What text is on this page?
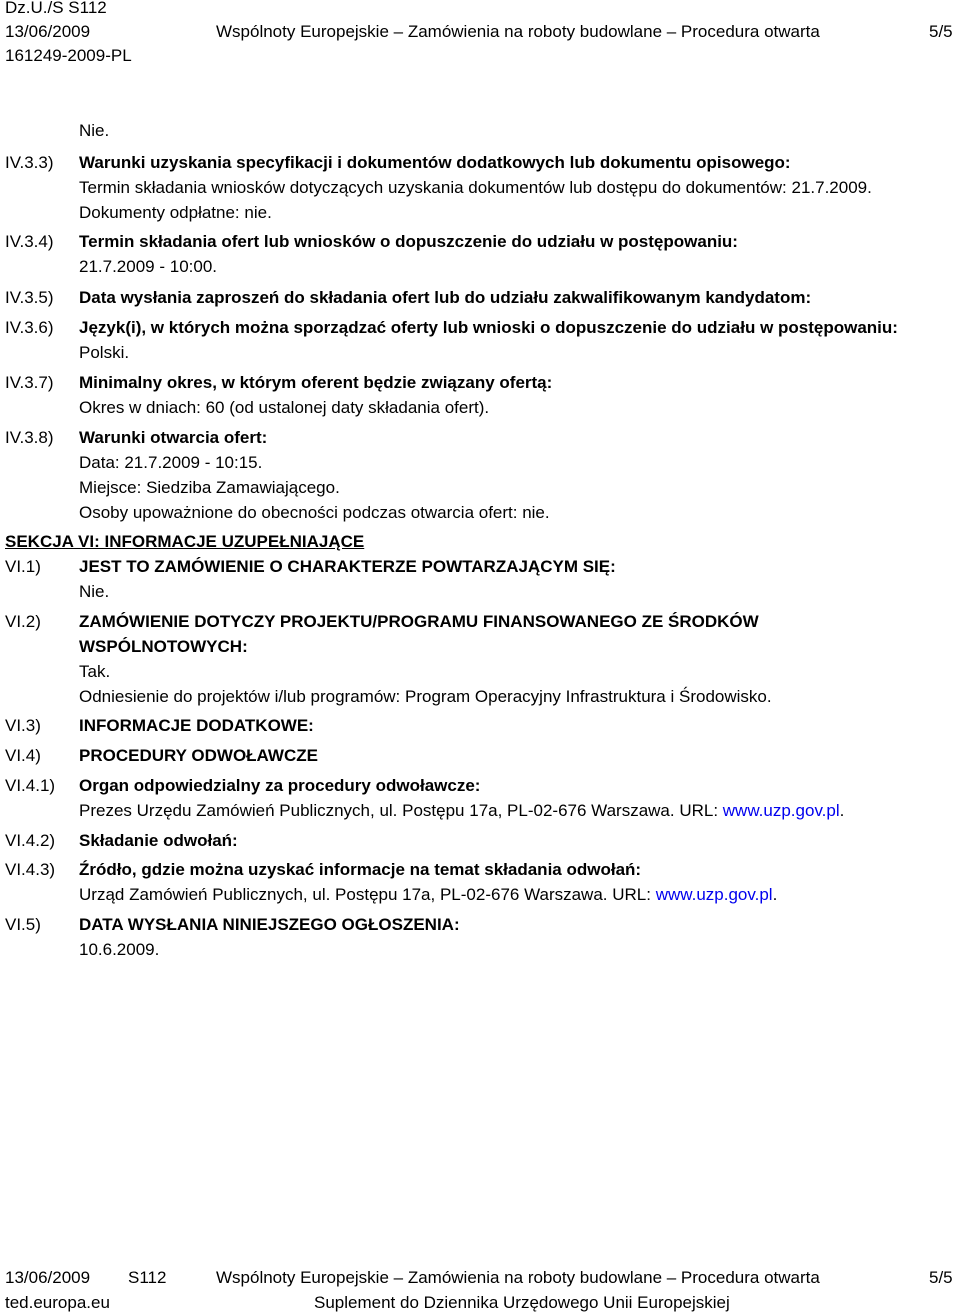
Dz.U./S S112
13/06/2009	Wspólnoty Europejskie – Zamówienia na roboty budowlane – Procedura otwarta	5/5
161249-2009-PL
Nie.
IV.3.3) Warunki uzyskania specyfikacji i dokumentów dodatkowych lub dokumentu opisowego:
Termin składania wniosków dotyczących uzyskania dokumentów lub dostępu do dokumentów: 21.7.2009.
Dokumenty odpłatne: nie.
IV.3.4) Termin składania ofert lub wniosków o dopuszczenie do udziału w postępowaniu:
21.7.2009 - 10:00.
IV.3.5) Data wysłania zaproszeń do składania ofert lub do udziału zakwalifikowanym kandydatom:
IV.3.6) Język(i), w których można sporządzać oferty lub wnioski o dopuszczenie do udziału w postępowaniu:
Polski.
IV.3.7) Minimalny okres, w którym oferent będzie związany ofertą:
Okres w dniach: 60 (od ustalonej daty składania ofert).
IV.3.8) Warunki otwarcia ofert:
Data: 21.7.2009 - 10:15.
Miejsce: Siedziba Zamawiającego.
Osoby upoważnione do obecności podczas otwarcia ofert: nie.
SEKCJA VI: INFORMACJE UZUPEŁNIAJĄCE
VI.1) JEST TO ZAMÓWIENIE O CHARAKTERZE POWTARZAJĄCYM SIĘ:
Nie.
VI.2) ZAMÓWIENIE DOTYCZY PROJEKTU/PROGRAMU FINANSOWANEGO ZE ŚRODKÓW
WSPÓLNOTOWYCH:
Tak.
Odniesienie do projektów i/lub programów: Program Operacyjny Infrastruktura i Środowisko.
VI.3) INFORMACJE DODATKOWE:
VI.4) PROCEDURY ODWOŁAWCZE
VI.4.1) Organ odpowiedzialny za procedury odwoławcze:
Prezes Urzędu Zamówień Publicznych, ul. Postępu 17a, PL-02-676 Warszawa. URL: www.uzp.gov.pl.
VI.4.2) Składanie odwołań:
VI.4.3) Źródło, gdzie można uzyskać informacje na temat składania odwołań:
Urząd Zamówień Publicznych, ul. Postępu 17a, PL-02-676 Warszawa. URL: www.uzp.gov.pl.
VI.5) DATA WYSŁANIA NINIEJSZEGO OGŁOSZENIA:
10.6.2009.
13/06/2009 S112	Wspólnoty Europejskie – Zamówienia na roboty budowlane – Procedura otwarta	5/5
ted.europa.eu	Suplement do Dziennika Urzędowego Unii Europejskiej
